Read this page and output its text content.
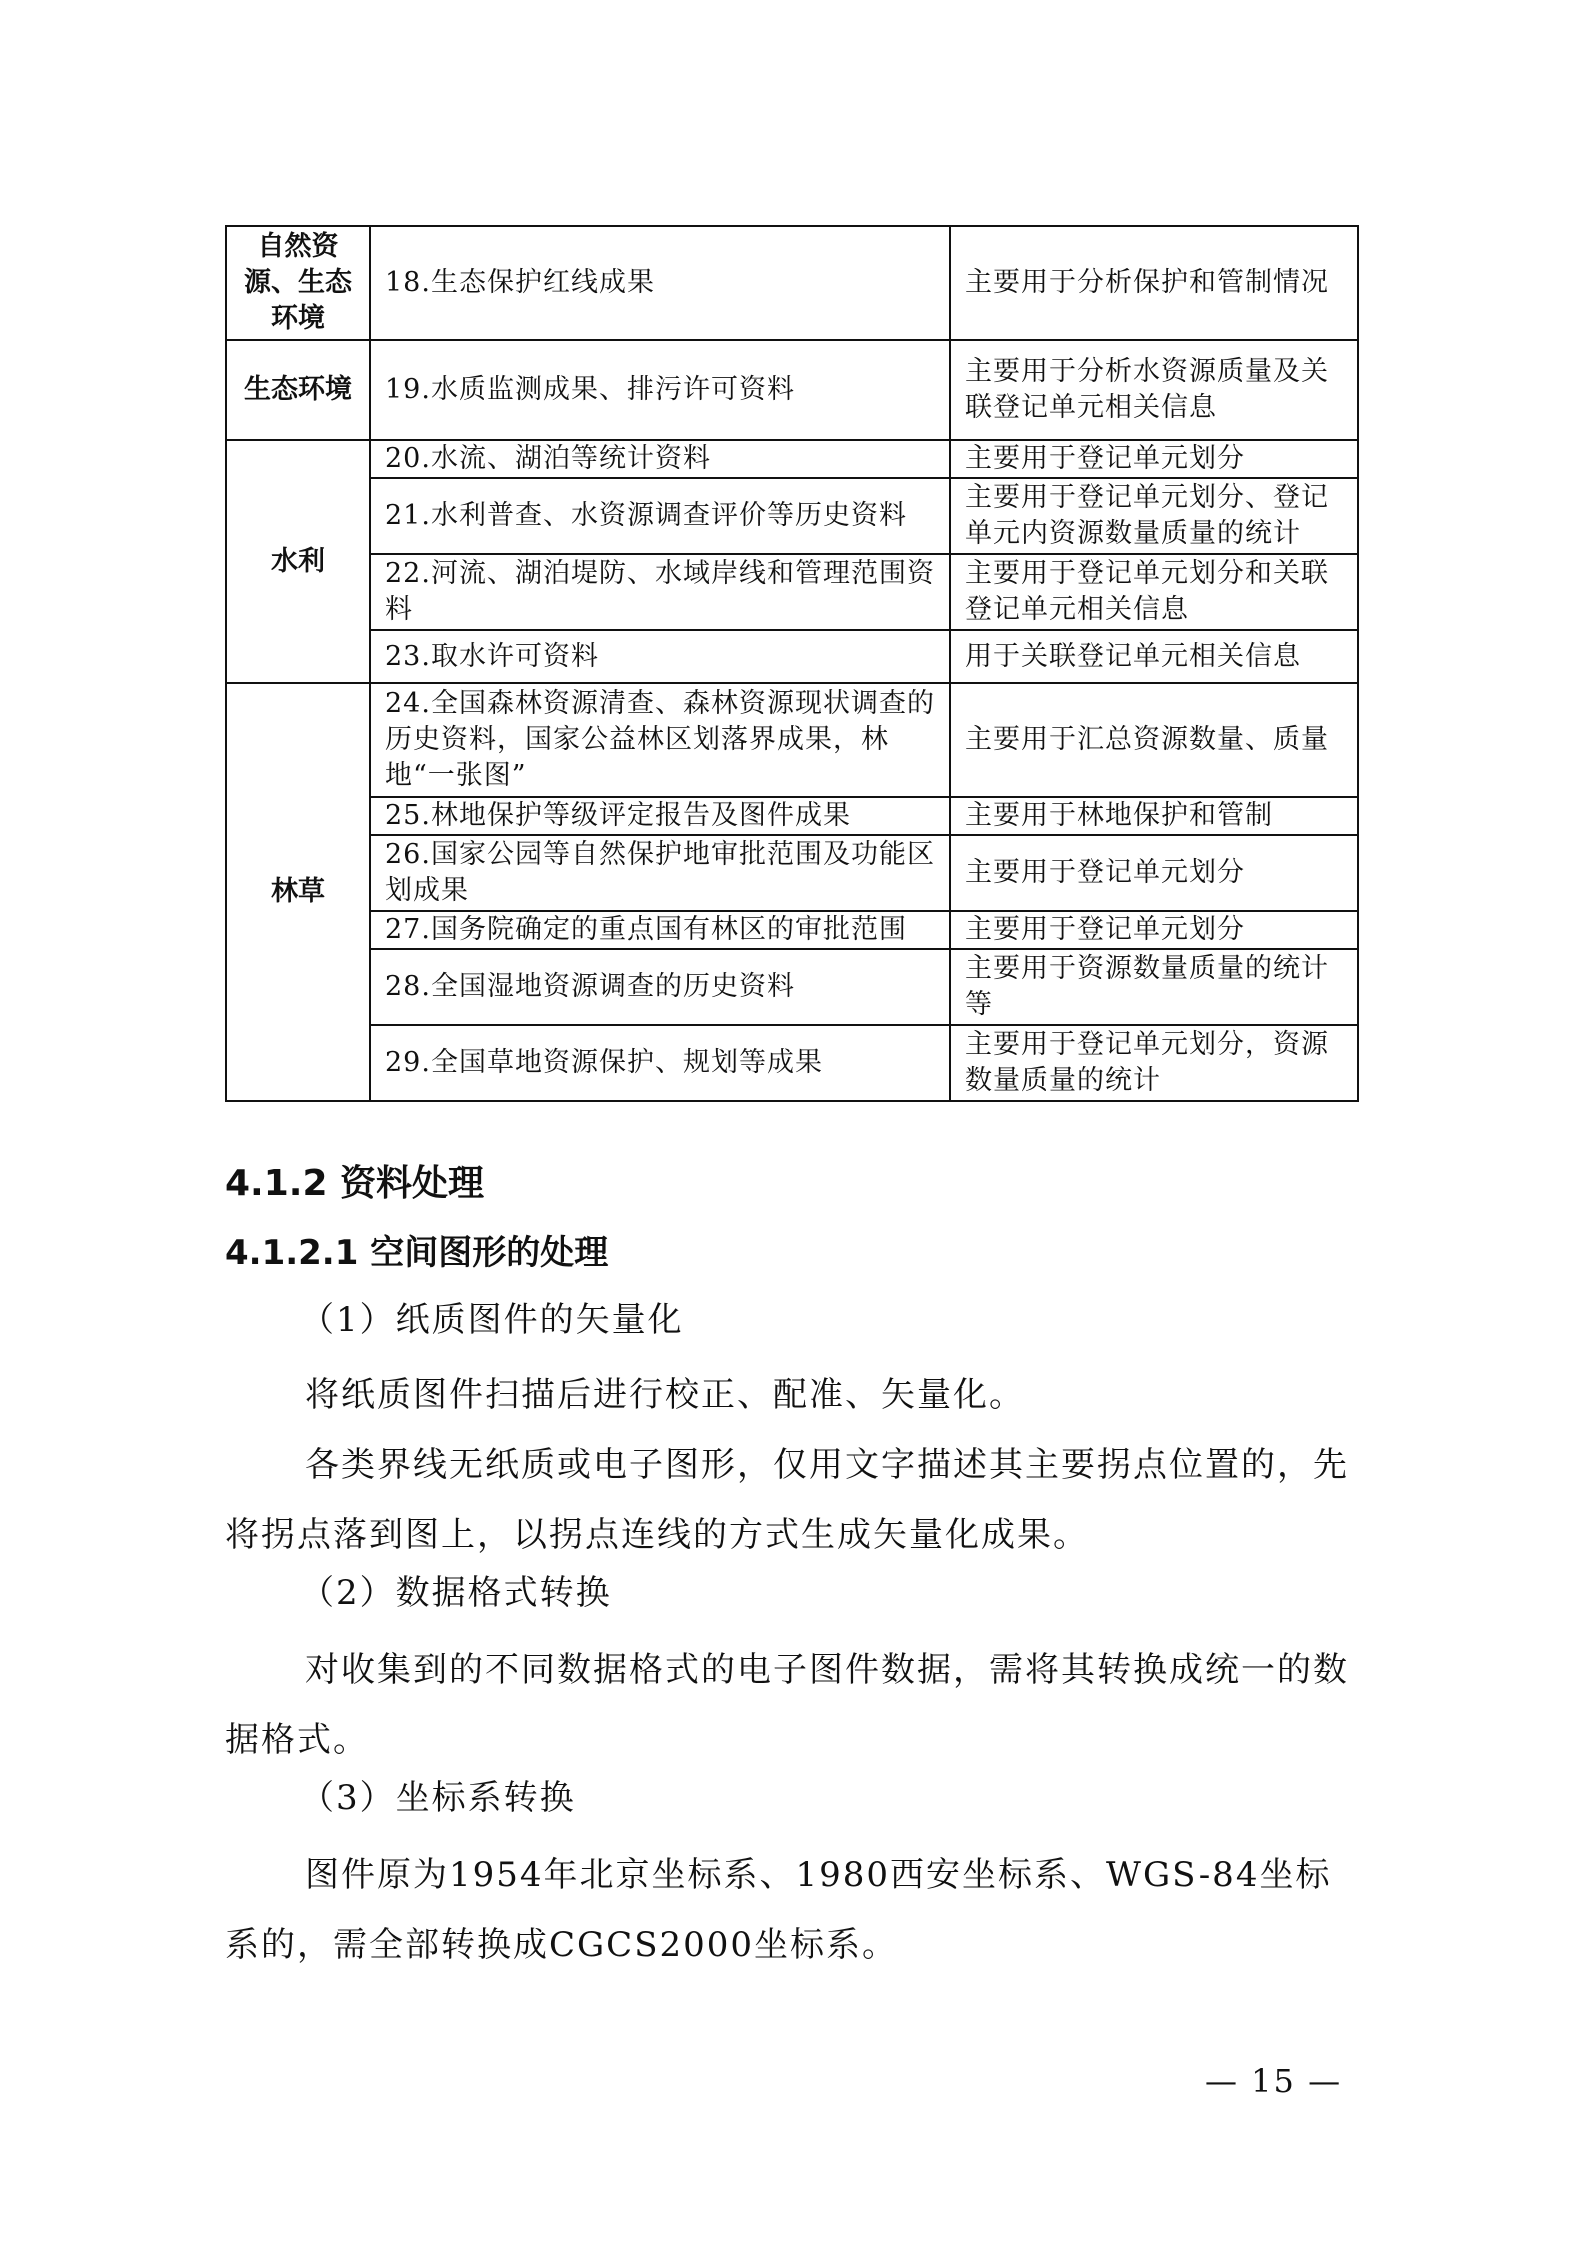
自然资源、生态环境	18.生态保护红线成果	主要用于分析保护和管制情况
生态环境	19.水质监测成果、排污许可资料	主要用于分析水资源质量及关联登记单元相关信息
水利	20.水流、湖泊等统计资料	主要用于登记单元划分
	21.水利普查、水资源调查评价等历史资料	主要用于登记单元划分、登记单元内资源数量质量的统计
	22.河流、湖泊堤防、水域岸线和管理范围资料	主要用于登记单元划分和关联登记单元相关信息
	23.取水许可资料	用于关联登记单元相关信息
林草	24.全国森林资源清查、森林资源现状调查的历史资料，国家公益林区划落界成果，林地“一张图”	主要用于汇总资源数量、质量
	25.林地保护等级评定报告及图件成果	主要用于林地保护和管制
	26.国家公园等自然保护地审批范围及功能区划成果	主要用于登记单元划分
	27.国务院确定的重点国有林区的审批范围	主要用于登记单元划分
	28.全国湿地资源调查的历史资料	主要用于资源数量质量的统计等
	29.全国草地资源保护、规划等成果	主要用于登记单元划分，资源数量质量的统计
4.1.2 资料处理
4.1.2.1 空间图形的处理
（1）纸质图件的矢量化

将纸质图件扫描后进行校正、配准、矢量化。

各类界线无纸质或电子图形，仅用文字描述其主要拐点位置的，先将拐点落到图上，以拐点连线的方式生成矢量化成果。

（2）数据格式转换

对收集到的不同数据格式的电子图件数据，需将其转换成统一的数据格式。

（3）坐标系转换

图件原为1954年北京坐标系、1980西安坐标系、WGS-84坐标系的，需全部转换成CGCS2000坐标系。

— 15 —
